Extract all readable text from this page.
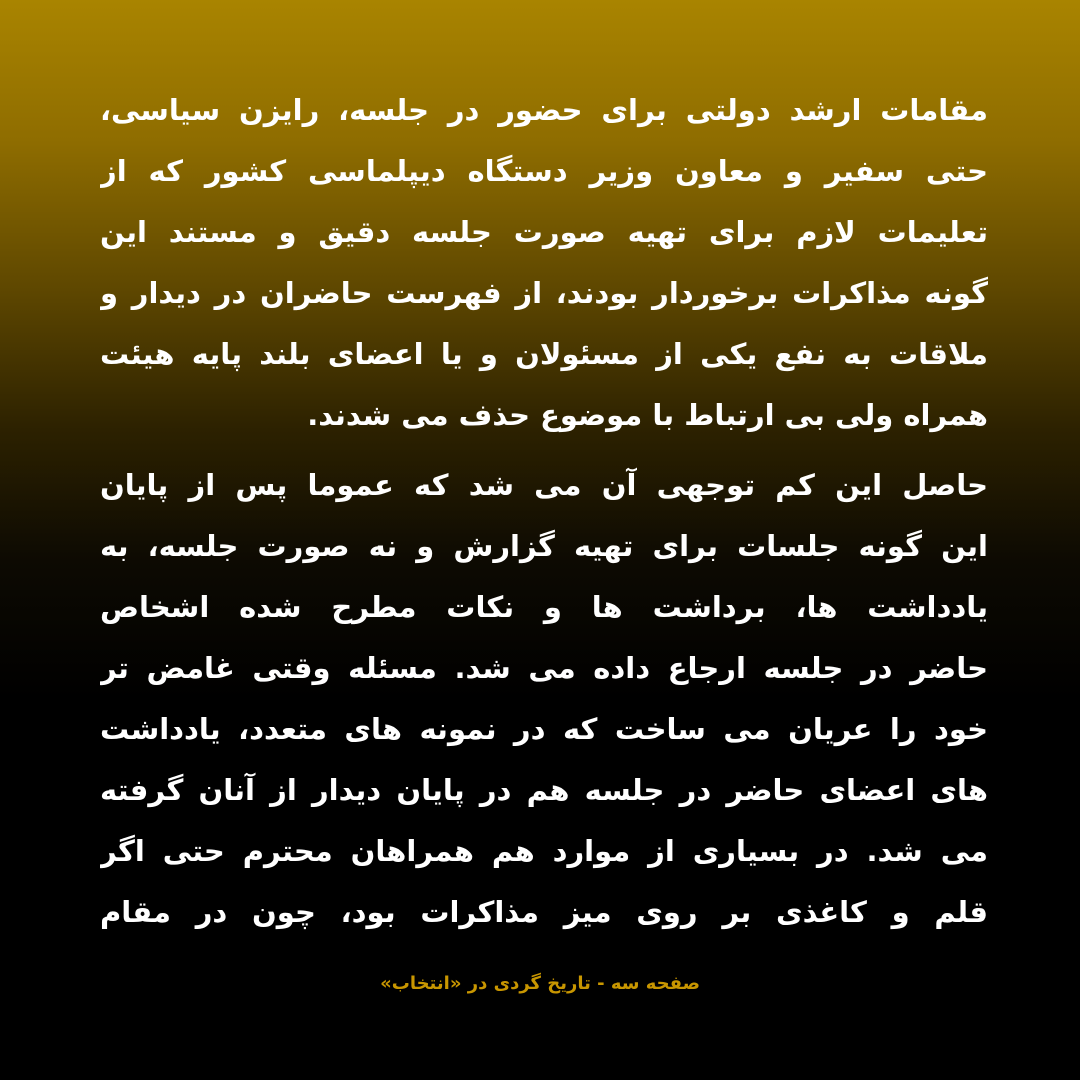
مقامات ارشد دولتی برای حضور در جلسه، رایزن سیاسی،
حتی سفیر و معاون وزیر دستگاه دیپلماسی کشور که از
تعلیمات لازم برای تهیه صورت جلسه دقیق و مستند این
گونه مذاکرات برخوردار بودند، از فهرست حاضران در دیدار و
ملاقات به نفع یکی از مسئولان و یا اعضای بلند پایه هیئت
همراه ولی بی ارتباط با موضوع حذف می شدند.
حاصل این کم توجهی آن می شد که عموما پس از پایان
این گونه جلسات برای تهیه گزارش و نه صورت جلسه، به
یادداشت ها، برداشت ها و نکات مطرح شده اشخاص
حاضر در جلسه ارجاع داده می شد. مسئله وقتی غامض تر
خود را عریان می ساخت که در نمونه های متعدد، یادداشت
های اعضای حاضر در جلسه هم در پایان دیدار از آنان گرفته
می شد. در بسیاری از موارد هم همراهان محترم حتی اگر
قلم و کاغذی بر روی میز مذاکرات بود، چون در مقام
صفحه سه - تاریخ گردی در «انتخاب»
